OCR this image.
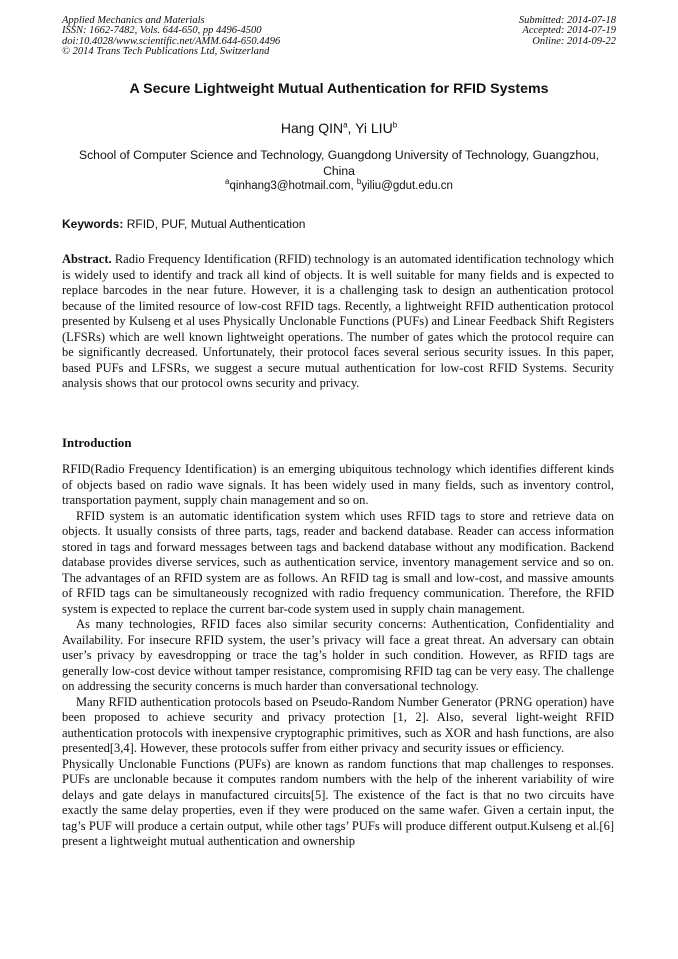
Applied Mechanics and Materials
ISSN: 1662-7482, Vols. 644-650, pp 4496-4500
doi:10.4028/www.scientific.net/AMM.644-650.4496
© 2014 Trans Tech Publications Ltd, Switzerland
Submitted: 2014-07-18
Accepted: 2014-07-19
Online: 2014-09-22
A Secure Lightweight Mutual Authentication for RFID Systems
Hang QIN$^a$, Yi LIU$^b$
School of Computer Science and Technology, Guangdong University of Technology, Guangzhou, China
$^a$qinhang3@hotmail.com, $^b$yiliu@gdut.edu.cn
Keywords: RFID, PUF, Mutual Authentication

Abstract. Radio Frequency Identification (RFID) technology is an automated identification technology which is widely used to identify and track all kind of objects. It is well suitable for many fields and is expected to replace barcodes in the near future. However, it is a challenging task to design an authentication protocol because of the limited resource of low-cost RFID tags. Recently, a lightweight RFID authentication protocol presented by Kulseng et al uses Physically Unclonable Functions (PUFs) and Linear Feedback Shift Registers (LFSRs) which are well known lightweight operations. The number of gates which the protocol require can be significantly decreased. Unfortunately, their protocol faces several serious security issues. In this paper, based PUFs and LFSRs, we suggest a secure mutual authentication for low-cost RFID Systems. Security analysis shows that our protocol owns security and privacy.

Introduction

RFID(Radio Frequency Identification) is an emerging ubiquitous technology which identifies different kinds of objects based on radio wave signals. It has been widely used in many fields, such as inventory control, transportation payment, supply chain management and so on.

RFID system is an automatic identification system which uses RFID tags to store and retrieve data on objects. It usually consists of three parts, tags, reader and backend database. Reader can access information stored in tags and forward messages between tags and backend database without any modification. Backend database provides diverse services, such as authentication service, inventory management service and so on. The advantages of an RFID system are as follows. An RFID tag is small and low-cost, and massive amounts of RFID tags can be simultaneously recognized with radio frequency communication. Therefore, the RFID system is expected to replace the current bar-code system used in supply chain management.

As many technologies, RFID faces also similar security concerns: Authentication, Confidentiality and Availability. For insecure RFID system, the user’s privacy will face a great threat. An adversary can obtain user’s privacy by eavesdropping or trace the tag’s holder in such condition. However, as RFID tags are generally low-cost device without tamper resistance, compromising RFID tag can be very easy. The challenge on addressing the security concerns is much harder than conversational technology.

Many RFID authentication protocols based on Pseudo-Random Number Generator (PRNG operation) have been proposed to achieve security and privacy protection [1, 2]. Also, several light-weight RFID authentication protocols with inexpensive cryptographic primitives, such as XOR and hash functions, are also presented[3,4]. However, these protocols suffer from either privacy and security issues or efficiency.

Physically Unclonable Functions (PUFs) are known as random functions that map challenges to responses. PUFs are unclonable because it computes random numbers with the help of the inherent variability of wire delays and gate delays in manufactured circuits[5]. The existence of the fact is that no two circuits have exactly the same delay properties, even if they were produced on the same wafer. Given a certain input, the tag’s PUF will produce a certain output, while other tags’ PUFs will produce different output.Kulseng et al.[6] present a lightweight mutual authentication and ownership
